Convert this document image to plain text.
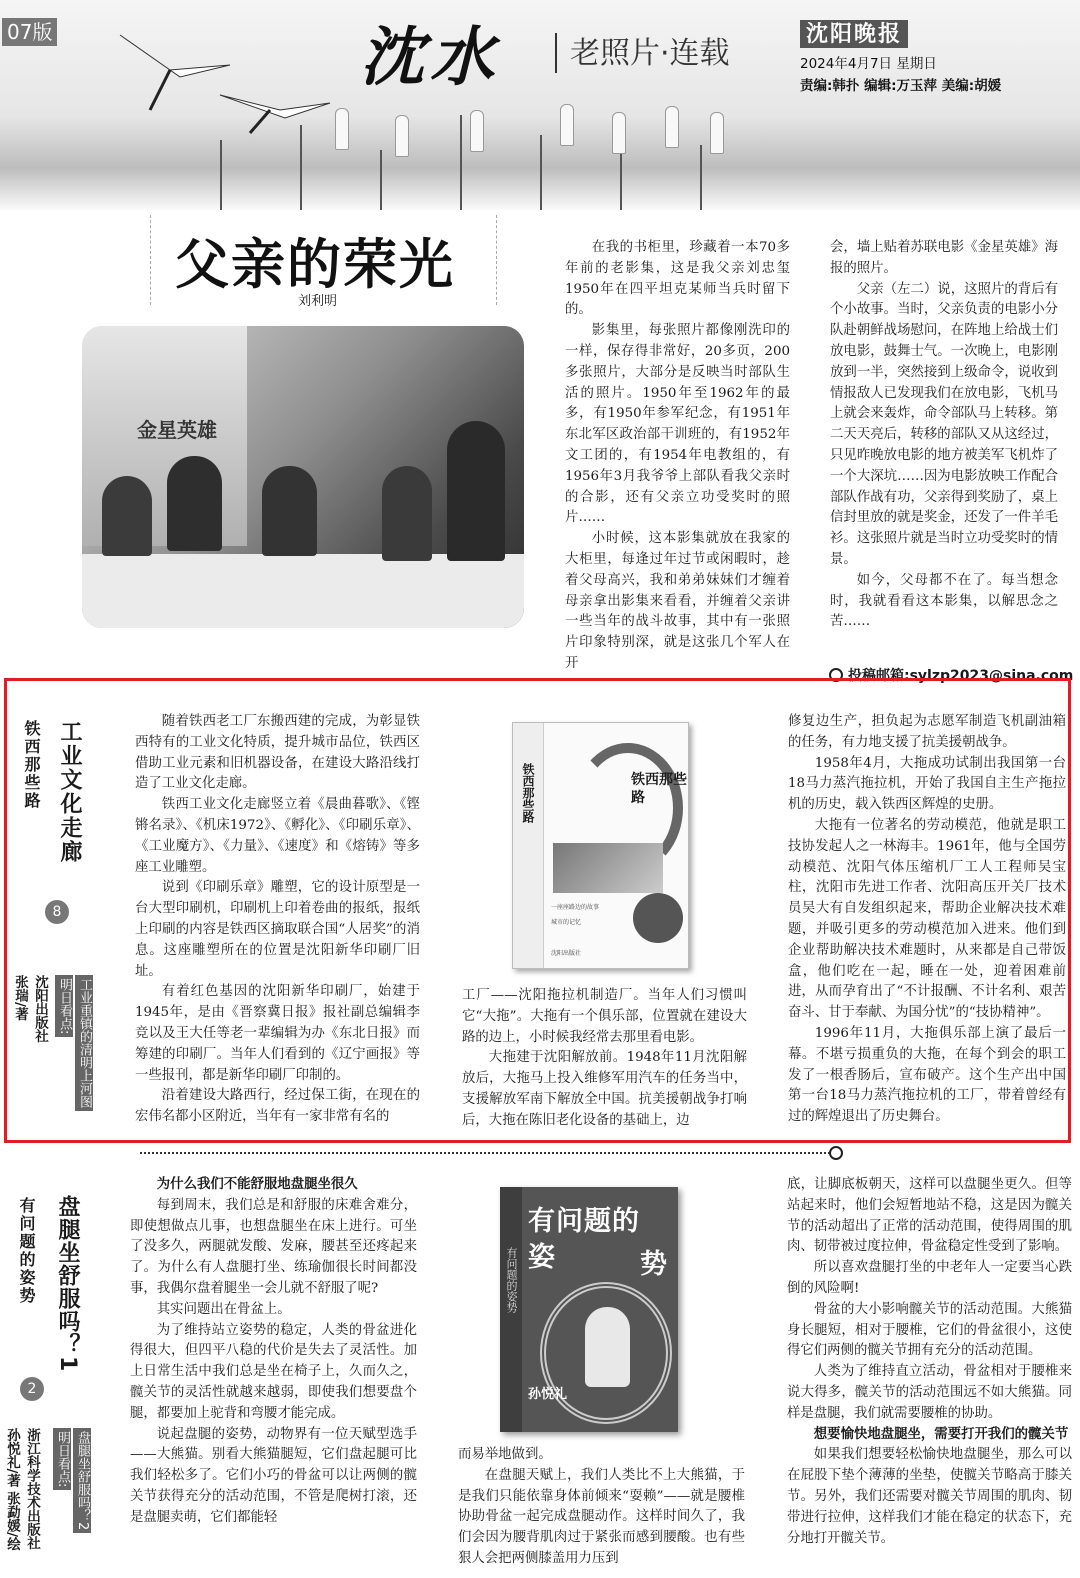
07版	沈水 老照片·连载
沈阳晚报
2024年4月7日 星期日
责编:韩扑 编辑:万玉萍 美编:胡媛
父亲的荣光
刘利明
金星英雄

在我的书柜里，珍藏着一本70多年前的老影集，这是我父亲刘忠玺1950年在四平坦克某师当兵时留下的。

影集里，每张照片都像刚洗印的一样，保存得非常好，20多页，200多张照片，大部分是反映当时部队生活的照片。1950年至1962年的最多，有1950年参军纪念，有1951年东北军区政治部干训班的，有1952年文工团的，有1954年电教组的，有1956年3月我爷爷上部队看我父亲时的合影，还有父亲立功受奖时的照片……

小时候，这本影集就放在我家的大柜里，每逢过年过节或闲暇时，趁着父母高兴，我和弟弟妹妹们才缠着母亲拿出影集来看看，并缠着父亲讲一些当年的战斗故事，其中有一张照片印象特别深，就是这张几个军人在开

会，墙上贴着苏联电影《金星英雄》海报的照片。

父亲（左二）说，这照片的背后有个小故事。当时，父亲负责的电影小分队赴朝鲜战场慰问，在阵地上给战士们放电影，鼓舞士气。一次晚上，电影刚放到一半，突然接到上级命令，说收到情报敌人已发现我们在放电影，飞机马上就会来轰炸，命令部队马上转移。第二天天亮后，转移的部队又从这经过，只见昨晚放电影的地方被美军飞机炸了一个大深坑……因为电影放映工作配合部队作战有功，父亲得到奖励了，桌上信封里放的就是奖金，还发了一件羊毛衫。这张照片就是当时立功受奖时的情景。

如今，父母都不在了。每当想念时，我就看看这本影集，以解思念之苦……

投稿邮箱:sylzp2023@sina.com
铁西那些路 工业文化走廊
8
沈阳出版社
张瑞/著 明日看点: 工业重镇的清明上河图

随着铁西老工厂东搬西建的完成，为彰显铁西特有的工业文化特质，提升城市品位，铁西区借助工业元素和旧机器设备，在建设大路沿线打造了工业文化走廊。

铁西工业文化走廊竖立着《晨曲暮歌》、《铿锵名录》、《机床1972》、《孵化》、《印刷乐章》、《工业魔方》、《力量》、《速度》和《熔铸》等多座工业雕塑。

说到《印刷乐章》雕塑，它的设计原型是一台大型印刷机，印刷机上印着卷曲的报纸，报纸上印刷的内容是铁西区摘取联合国“人居奖”的消息。这座雕塑所在的位置是沈阳新华印刷厂旧址。

有着红色基因的沈阳新华印刷厂，始建于1945年，是由《晋察冀日报》报社副总编辑李竞以及王大任等老一辈编辑为办《东北日报》而筹建的印刷厂。当年人们看到的《辽宁画报》等一些报刊，都是新华印刷厂印制的。

沿着建设大路西行，经过保工街，在现在的宏伟名都小区附近，当年有一家非常有名的

铁西那些路	铁西那些路
一座座路边的故事
城市的记忆
沈阳出版社

工厂——沈阳拖拉机制造厂。当年人们习惯叫它“大拖”。大拖有一个俱乐部，位置就在建设大路的边上，小时候我经常去那里看电影。

大拖建于沈阳解放前。1948年11月沈阳解放后，大拖马上投入维修军用汽车的任务当中，支援解放军南下解放全中国。抗美援朝战争打响后，大拖在陈旧老化设备的基础上，边

修复边生产，担负起为志愿军制造飞机副油箱的任务，有力地支援了抗美援朝战争。

1958年4月，大拖成功试制出我国第一台18马力蒸汽拖拉机，开始了我国自主生产拖拉机的历史，载入铁西区辉煌的史册。

大拖有一位著名的劳动模范，他就是职工技协发起人之一林海丰。1961年，他与全国劳动模范、沈阳气体压缩机厂工人工程师吴宝柱，沈阳市先进工作者、沈阳高压开关厂技术员吴大有自发组织起来，帮助企业解决技术难题，并吸引更多的劳动模范加入进来。他们到企业帮助解决技术难题时，从来都是自己带饭盒，他们吃在一起，睡在一处，迎着困难前进，从而孕育出了“不计报酬、不计名利、艰苦奋斗、甘于奉献、为国分忧”的“技协精神”。

1996年11月，大拖俱乐部上演了最后一幕。不堪亏损重负的大拖，在每个到会的职工发了一根香肠后，宣布破产。这个生产出中国第一台18马力蒸汽拖拉机的工厂，带着曾经有过的辉煌退出了历史舞台。

有问题的姿势 盘腿坐舒服吗？1
2
浙江科学技术出版社
孙悦礼/著 张勐媛/绘	明日看点: 盘腿坐舒服吗？2

为什么我们不能舒服地盘腿坐很久

每到周末，我们总是和舒服的床难舍难分，即使想做点儿事，也想盘腿坐在床上进行。可坐了没多久，两腿就发酸、发麻，腰甚至还疼起来了。为什么有人盘腿打坐、练瑜伽很长时间都没事，我偶尔盘着腿坐一会儿就不舒服了呢?

其实问题出在骨盆上。

为了维持站立姿势的稳定，人类的骨盆进化得很大，但四平八稳的代价是失去了灵活性。加上日常生活中我们总是坐在椅子上，久而久之，髋关节的灵活性就越来越弱，即使我们想要盘个腿，都要加上驼背和弯腰才能完成。

说起盘腿的姿势，动物界有一位天赋型选手——大熊猫。别看大熊猫腿短，它们盘起腿可比我们轻松多了。它们小巧的骨盆可以让两侧的髋关节获得充分的活动范围，不管是爬树打滚，还是盘腿卖萌，它们都能轻

有问题的姿势
有问题的
姿	势
孙悦礼

而易举地做到。

在盘腿天赋上，我们人类比不上大熊猫，于是我们只能依靠身体前倾来“耍赖”——就是腰椎协助骨盆一起完成盘腿动作。这样时间久了，我们会因为腰背肌肉过于紧张而感到腰酸。也有些狠人会把两侧膝盖用力压到

底，让脚底板朝天，这样可以盘腿坐更久。但等站起来时，他们会短暂地站不稳，这是因为髋关节的活动超出了正常的活动范围，使得周围的肌肉、韧带被过度拉伸，骨盆稳定性受到了影响。

所以喜欢盘腿打坐的中老年人一定要当心跌倒的风险啊!

骨盆的大小影响髋关节的活动范围。大熊猫身长腿短，相对于腰椎，它们的骨盆很小，这使得它们两侧的髋关节拥有充分的活动范围。

人类为了维持直立活动，骨盆相对于腰椎来说大得多，髋关节的活动范围远不如大熊猫。同样是盘腿，我们就需要腰椎的协助。

想要愉快地盘腿坐，需要打开我们的髋关节

如果我们想要轻松愉快地盘腿坐，那么可以在屁股下垫个薄薄的坐垫，使髋关节略高于膝关节。另外，我们还需要对髋关节周围的肌肉、韧带进行拉伸，这样我们才能在稳定的状态下，充分地打开髋关节。
